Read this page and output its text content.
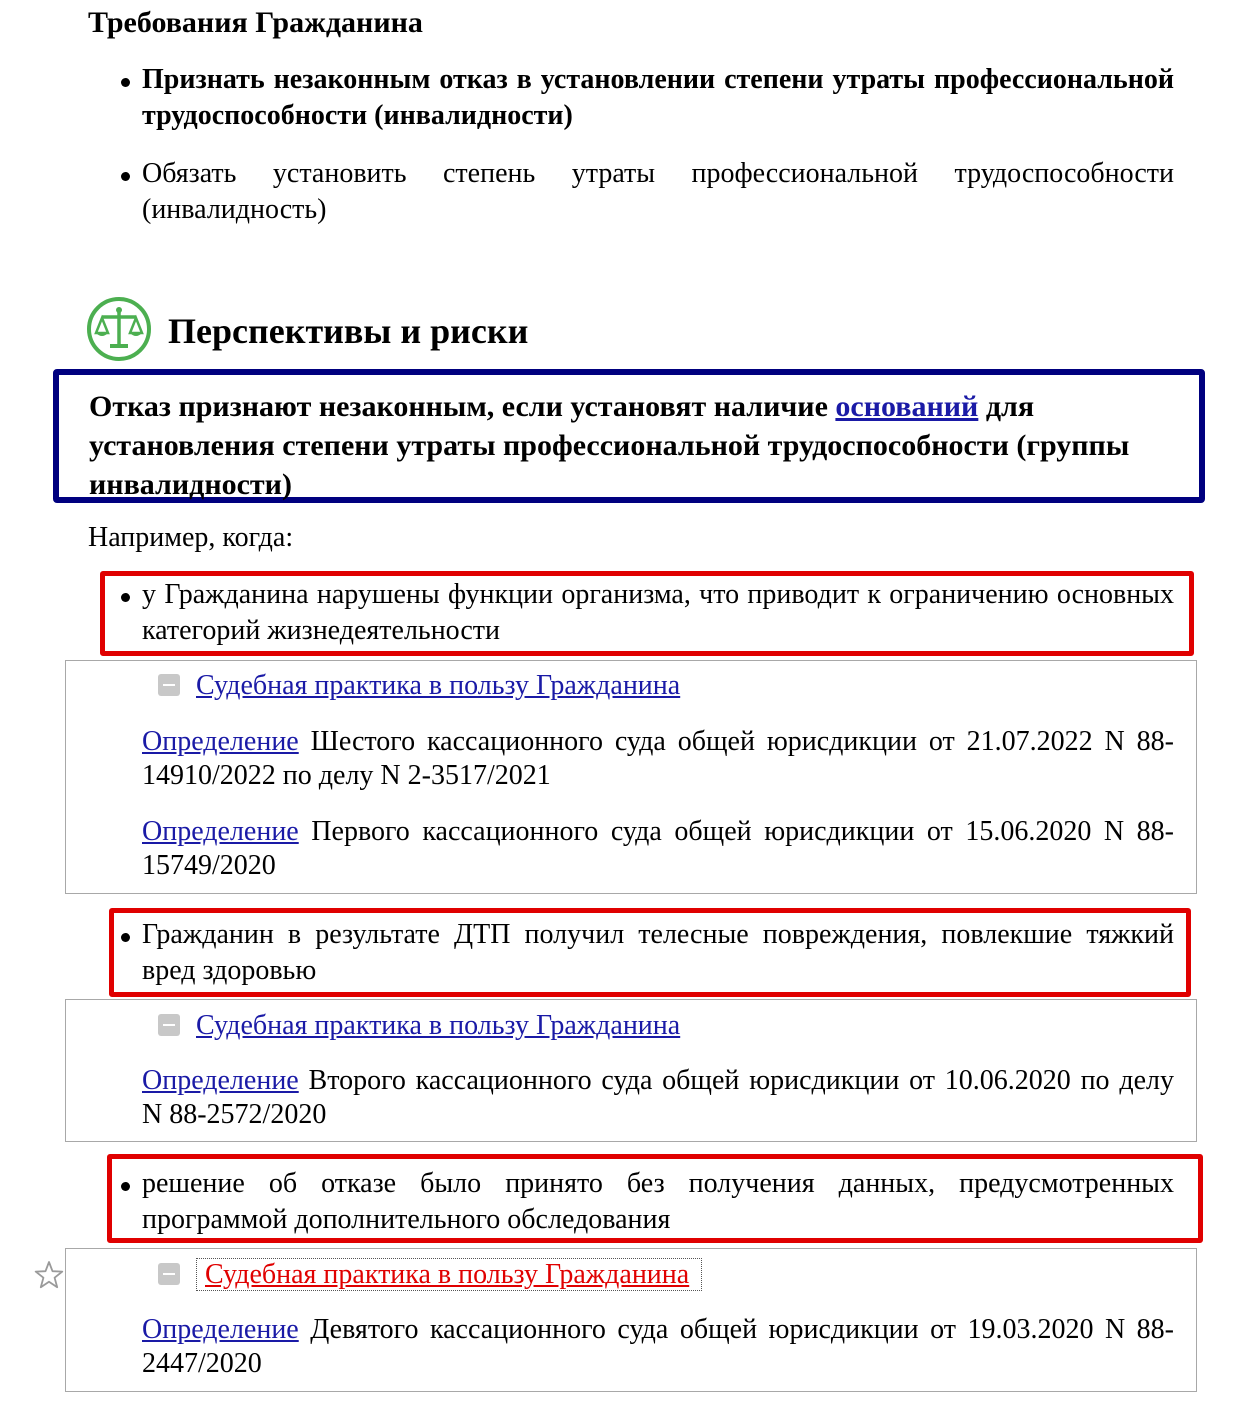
Требования Гражданина
Признать незаконным отказ в установлении степени утраты профессиональной трудоспособности (инвалидности)
Обязать установить степень утраты профессиональной трудоспособности (инвалидность)
Перспективы и риски
Отказ признают незаконным, если установят наличие оснований для установления степени утраты профессиональной трудоспособности (группы инвалидности)
Например, когда:
у Гражданина нарушены функции организма, что приводит к ограничению основных категорий жизнедеятельности
Судебная практика в пользу Гражданина
Определение Шестого кассационного суда общей юрисдикции от 21.07.2022 N 88-14910/2022 по делу N 2-3517/2021
Определение Первого кассационного суда общей юрисдикции от 15.06.2020 N 88-15749/2020
Гражданин в результате ДТП получил телесные повреждения, повлекшие тяжкий вред здоровью
Судебная практика в пользу Гражданина
Определение Второго кассационного суда общей юрисдикции от 10.06.2020 по делу N 88-2572/2020
решение об отказе было принято без получения данных, предусмотренных программой дополнительного обследования
Судебная практика в пользу Гражданина
Определение Девятого кассационного суда общей юрисдикции от 19.03.2020 N 88-2447/2020
